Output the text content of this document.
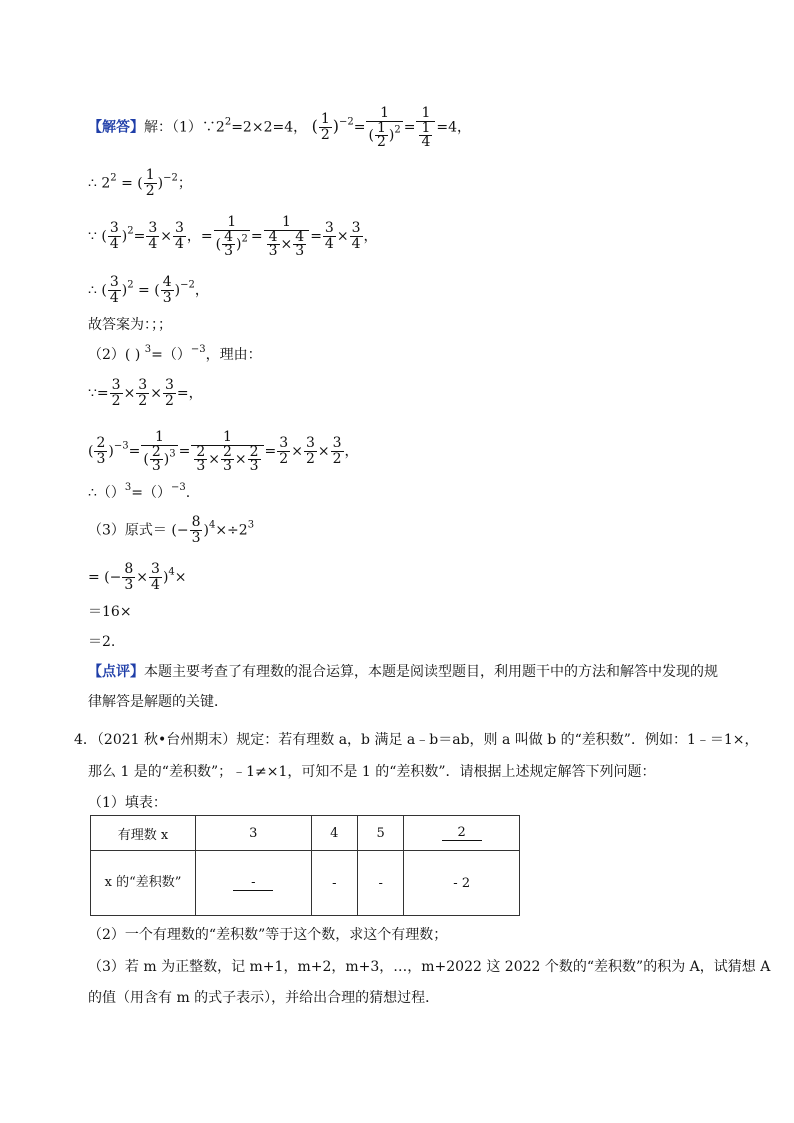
【解答】解：$(1)\because 2^2=2\times 2=4$， ( $\frac{1}{2} )^{-2}= \frac{1}{( \frac{1}{2} )^2} = \frac{1}{\frac{1}{4}} =4$，
∴ $2^2$ = ( $\frac{1}{2} )^{-2}$；
∵ ( $\frac{3}{4} )^2= \frac{3}{4} \times \frac{3}{4}$ ，= $\frac{1}{( \frac{4}{3} )^2} = \frac{1}{\frac{4}{3} \times \frac{4}{3}} = \frac{3}{4} \times \frac{3}{4}$ ，
∴ ( $\frac{3}{4} )^2$ = ( $\frac{4}{3} )^{-2}$，
故答案为：；；
（2）( ) $^3$=（）$^{-3}$，理由：
∵= $\frac{3}{2} \times \frac{3}{2} \times \frac{3}{2}$ =，
( $\frac{2}{3} )^{-3}= \frac{1}{( \frac{2}{3} )^3} = \frac{1}{\frac{2}{3} \times \frac{2}{3} \times \frac{2}{3}} = \frac{3}{2} \times \frac{3}{2} \times \frac{3}{2}$ ，
∴（）$^3$=（）$^{-3}$.
（3）原式＝ (− $\frac{8}{3} )^4\times\div 2^3$
= (− $\frac{8}{3} \times \frac{3}{4} )^4\times$
＝16×
＝2.
【点评】本题主要考查了有理数的混合运算，本题是阅读型题目，利用题干中的方法和解答中发现的规
律解答是解题的关键．
4．（2021 秋•台州期末）规定：若有理数 a，b 满足 a﹣b＝ab，则 a 叫做 b 的“差积数”．例如：1﹣＝1×，
那么 1 是的“差积数”；﹣1≠×1，可知不是 1 的“差积数”．请根据上述规定解答下列问题：
（1）填表：
有理数 x	3	4	5	2
x 的“差积数”	-	-	-	- 2
（2）一个有理数的“差积数”等于这个数，求这个有理数；
（3）若 m 为正整数，记 m+1，m+2，m+3，…，m+2022 这 2022 个数的“差积数”的积为 A，试猜想 A
的值（用含有 m 的式子表示），并给出合理的猜想过程．
